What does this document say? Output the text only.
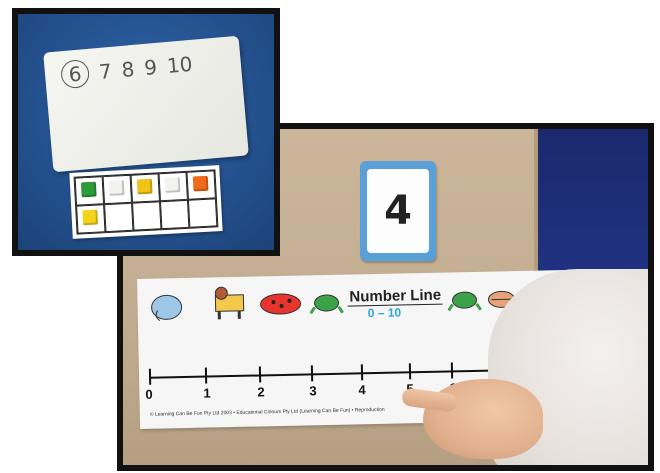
4
Number Line
0 – 10
0	1	2	3	4
© Learning Can Be Fun Pty Ltd 2003 • Educational Colours Pty Ltd (Learning Can Be Fun) • Reproduction
6 7 8 9 10
